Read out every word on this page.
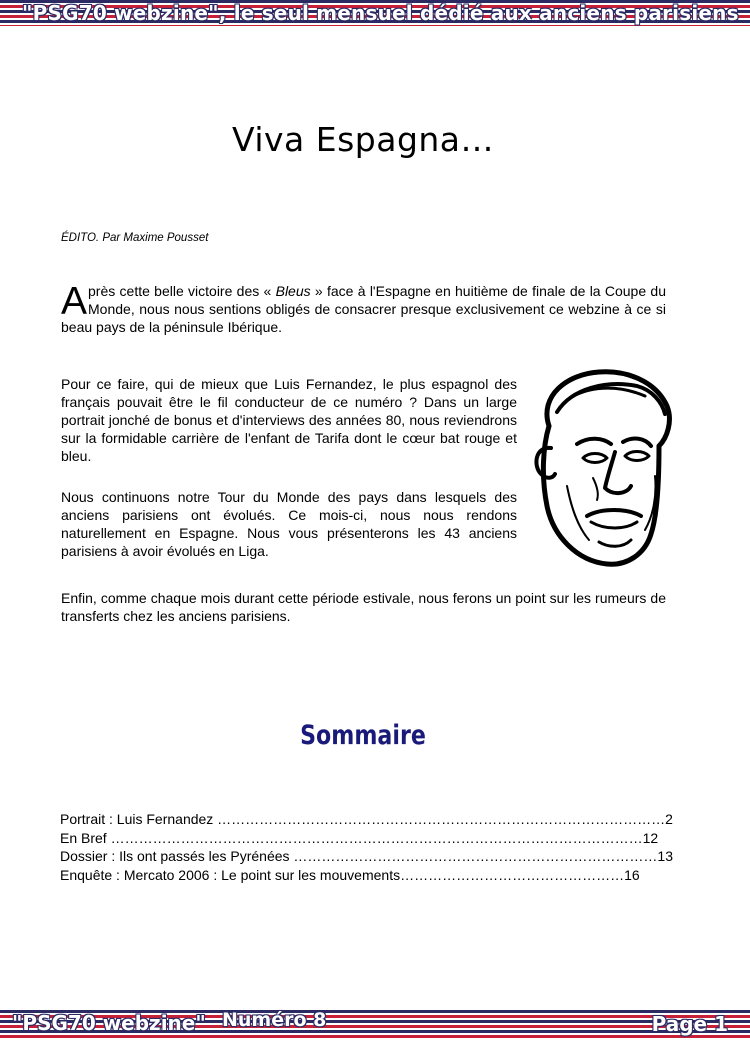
"PSG70 webzine", le seul mensuel dédié aux anciens parisiens
Viva Espagna…
ÉDITO. Par Maxime Pousset

Après cette belle victoire des « Bleus » face à l'Espagne en huitième de finale de la Coupe du Monde, nous nous sentions obligés de consacrer presque exclusivement ce webzine à ce si beau pays de la péninsule Ibérique.

Pour ce faire, qui de mieux que Luis Fernandez, le plus espagnol des français pouvait être le fil conducteur de ce numéro ? Dans un large portrait jonché de bonus et d'interviews des années 80, nous reviendrons sur la formidable carrière de l'enfant de Tarifa dont le cœur bat rouge et bleu.

Nous continuons notre Tour du Monde des pays dans lesquels des anciens parisiens ont évolués. Ce mois-ci, nous nous rendons naturellement en Espagne. Nous vous présenterons les 43 anciens parisiens à avoir évolués en Liga.

Enfin, comme chaque mois durant cette période estivale, nous ferons un point sur les rumeurs de transferts chez les anciens parisiens.

Sommaire
Portrait : Luis Fernandez ……………………………………………………………………………………2
En Bref ……………………………………………………………………………………………………12
Dossier : Ils ont passés les Pyrénées ……………………………………………………………………13
Enquête : Mercato 2006 : Le point sur les mouvements…………………………………………16
"PSG70 webzine" Numéro 8	Page 1
